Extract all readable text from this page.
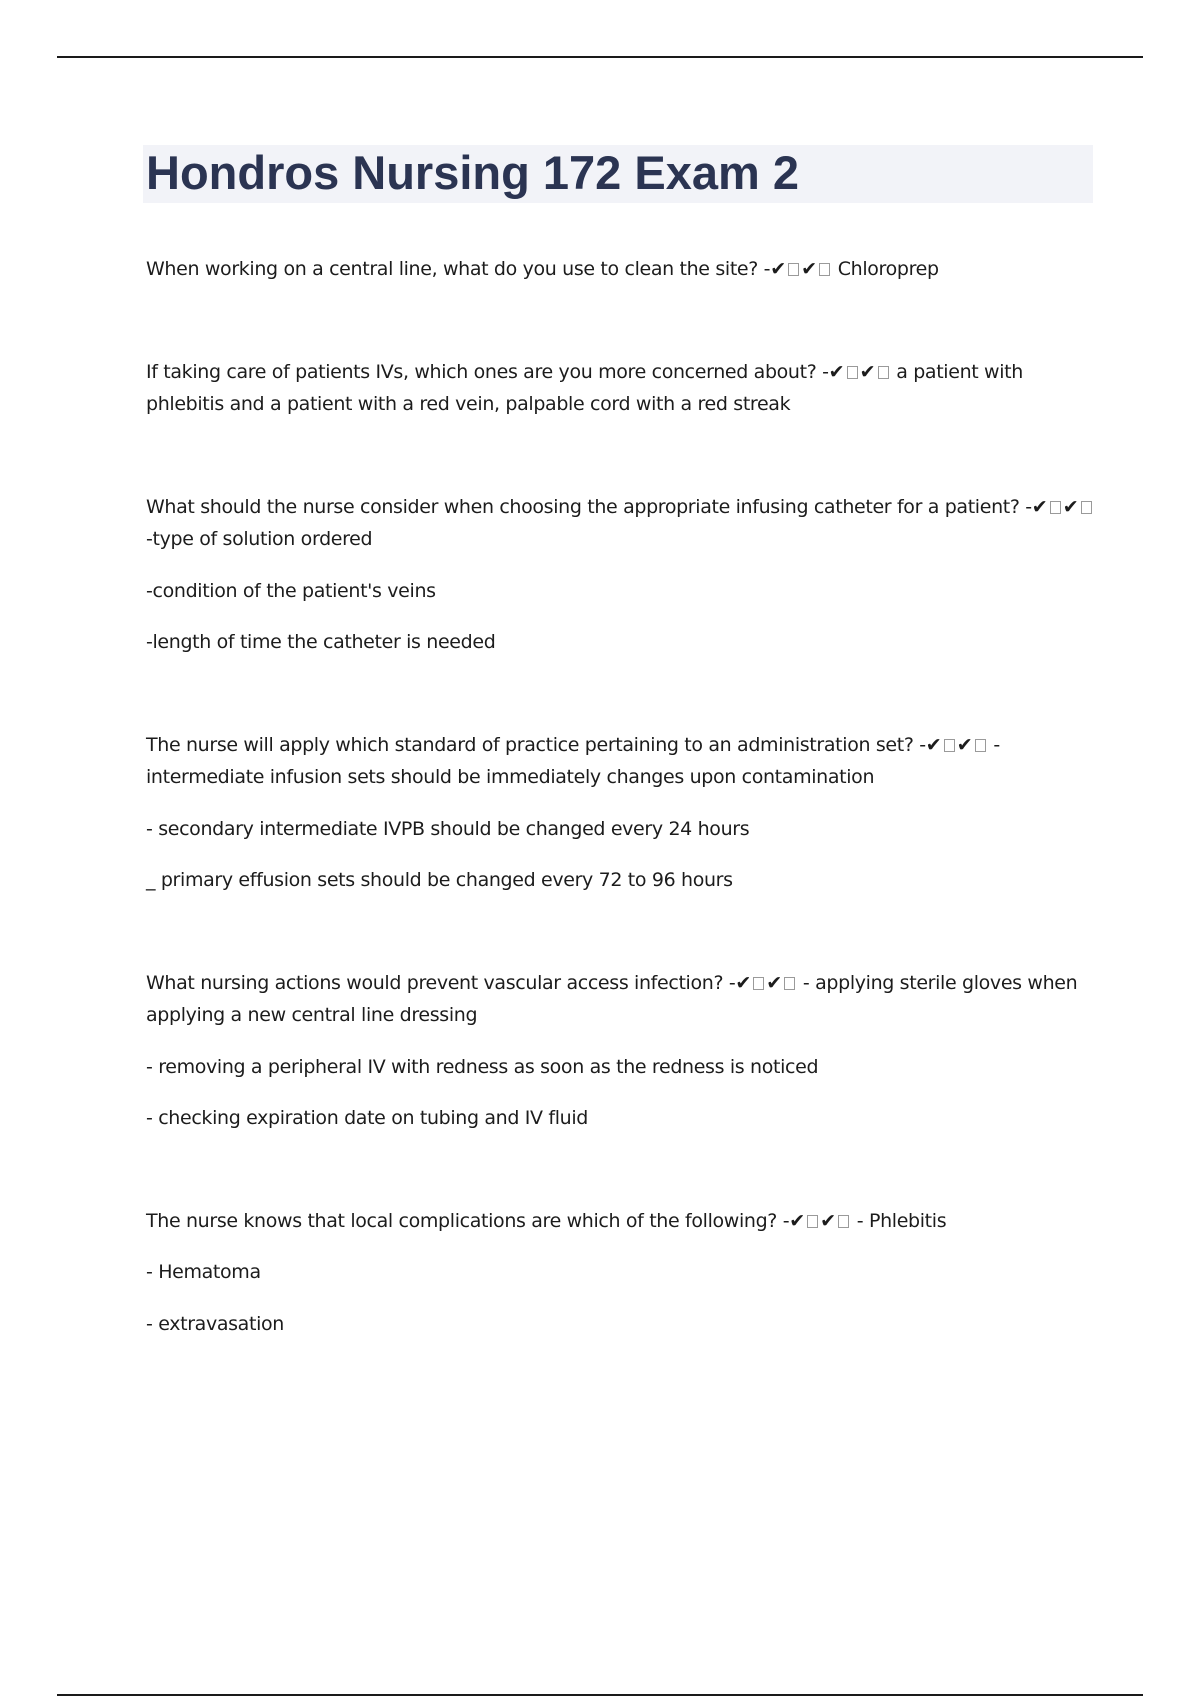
Hondros Nursing 172 Exam 2

When working on a central line, what do you use to clean the site? -✔ ✔ Chloroprep

If taking care of patients IVs, which ones are you more concerned about? -✔ ✔ a patient with phlebitis and a patient with a red vein, palpable cord with a red streak

What should the nurse consider when choosing the appropriate infusing catheter for a patient? -✔ ✔ -type of solution ordered

-condition of the patient's veins

-length of time the catheter is needed

The nurse will apply which standard of practice pertaining to an administration set? -✔ ✔ - intermediate infusion sets should be immediately changes upon contamination

- secondary intermediate IVPB should be changed every 24 hours

_ primary effusion sets should be changed every 72 to 96 hours

What nursing actions would prevent vascular access infection? -✔ ✔ - applying sterile gloves when applying a new central line dressing

- removing a peripheral IV with redness as soon as the redness is noticed

- checking expiration date on tubing and IV fluid

The nurse knows that local complications are which of the following? -✔ ✔ - Phlebitis

- Hematoma

- extravasation
